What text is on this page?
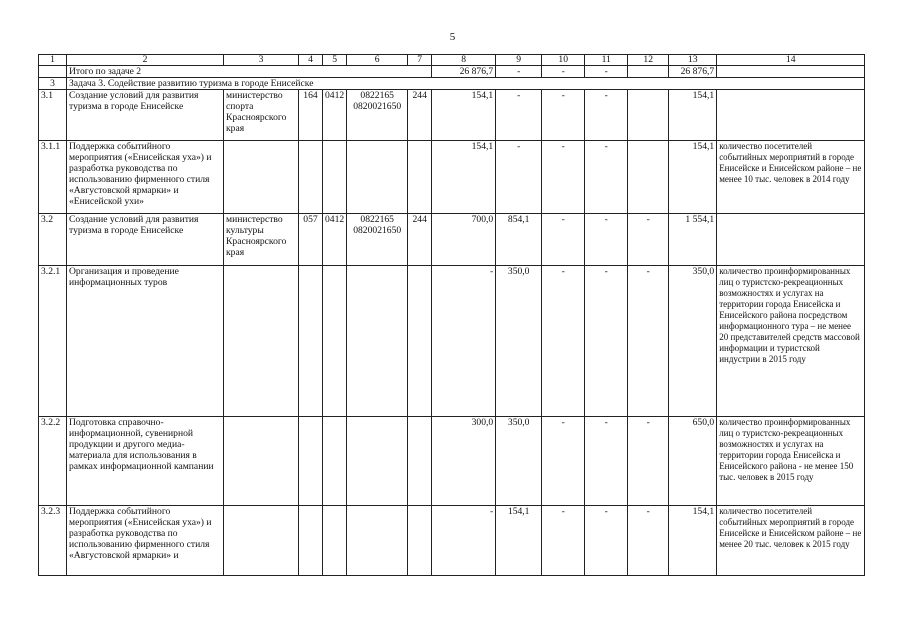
5
1	2	3	4	5	6	7	8	9	10	11	12	13	14
	Итого по задаче 2						26 876,7	-	-	-		26 876,7	
3	Задача 3. Содействие развитию туризма в городе Енисейске												
3.1	Создание условий для развития туризма в городе Енисейске	министерство спорта Красноярского края	164	0412	0822165 0820021650	244	154,1	-	-	-		154,1	
3.1.1	Поддержка событийного мероприятия («Енисейская уха») и разработка руководства по использованию фирменного стиля «Августовской ярмарки» и «Енисейской ухи»						154,1	-	-	-		154,1	количество посетителей событийных мероприятий в городе Енисейске и Енисейском районе – не менее 10 тыс. человек в 2014 году
3.2	Создание условий для развития туризма в городе Енисейске	министерство культуры Красноярского края	057	0412	0822165 0820021650	244	700,0	854,1	-	-	-	1 554,1	
3.2.1	Организация и проведение информационных туров						-	350,0	-	-	-	350,0	количество проинформированных лиц о туристско-рекреационных возможностях и услугах на территории города Енисейска и Енисейского района посредством информационного тура – не менее 20 представителей средств массовой информации и туристской индустрии в 2015 году
3.2.2	Подготовка справочно-информационной, сувенирной продукции и другого медиа-материала для использования в рамках информационной кампании						300,0	350,0	-	-	-	650,0	количество проинформированных лиц о туристско-рекреационных возможностях и услугах на территории города Енисейска и Енисейского района - не менее 150 тыс. человек в 2015 году
3.2.3	Поддержка событийного мероприятия («Енисейская уха») и разработка руководства по использованию фирменного стиля «Августовской ярмарки» и						-	154,1	-	-	-	154,1	количество посетителей событийных мероприятий в городе Енисейске и Енисейском районе – не менее 20 тыс. человек к 2015 году
